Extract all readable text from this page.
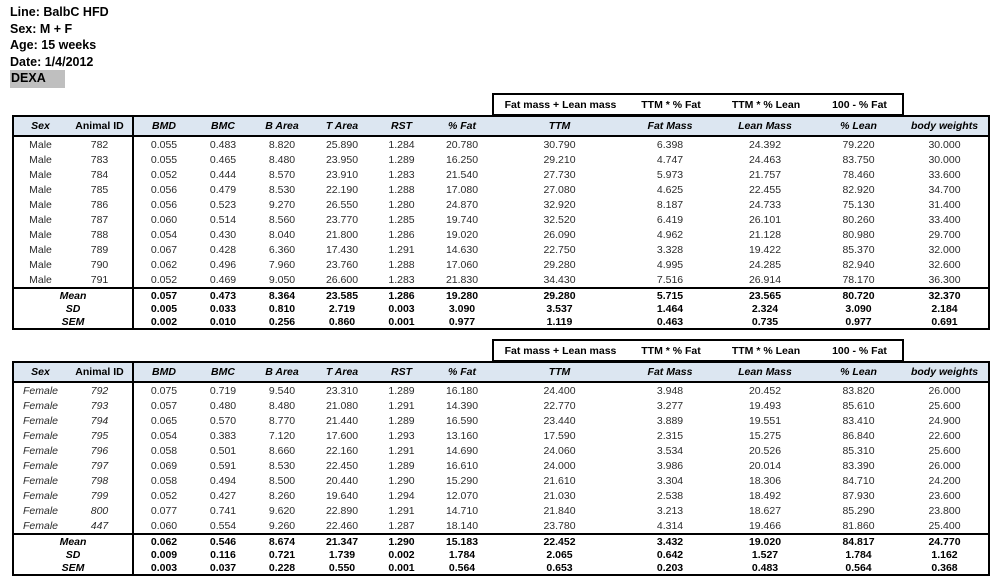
Line: BalbC HFD
Sex: M + F
Age: 15 weeks
Date: 1/4/2012
DEXA
Fat mass + Lean mass	TTM * % Fat	TTM * % Lean	100 - % Fat
Sex	Animal ID	BMD	BMC	B Area	T Area	RST	% Fat	TTM	Fat Mass	Lean Mass	% Lean	body weights
Male	782	0.055	0.483	8.820	25.890	1.284	20.780	30.790	6.398	24.392	79.220	30.000
Male	783	0.055	0.465	8.480	23.950	1.289	16.250	29.210	4.747	24.463	83.750	30.000
Male	784	0.052	0.444	8.570	23.910	1.283	21.540	27.730	5.973	21.757	78.460	33.600
Male	785	0.056	0.479	8.530	22.190	1.288	17.080	27.080	4.625	22.455	82.920	34.700
Male	786	0.056	0.523	9.270	26.550	1.280	24.870	32.920	8.187	24.733	75.130	31.400
Male	787	0.060	0.514	8.560	23.770	1.285	19.740	32.520	6.419	26.101	80.260	33.400
Male	788	0.054	0.430	8.040	21.800	1.286	19.020	26.090	4.962	21.128	80.980	29.700
Male	789	0.067	0.428	6.360	17.430	1.291	14.630	22.750	3.328	19.422	85.370	32.000
Male	790	0.062	0.496	7.960	23.760	1.288	17.060	29.280	4.995	24.285	82.940	32.600
Male	791	0.052	0.469	9.050	26.600	1.283	21.830	34.430	7.516	26.914	78.170	36.300
Mean		0.057	0.473	8.364	23.585	1.286	19.280	29.280	5.715	23.565	80.720	32.370
SD		0.005	0.033	0.810	2.719	0.003	3.090	3.537	1.464	2.324	3.090	2.184
SEM		0.002	0.010	0.256	0.860	0.001	0.977	1.119	0.463	0.735	0.977	0.691
Fat mass + Lean mass	TTM * % Fat	TTM * % Lean	100 - % Fat
Sex	Animal ID	BMD	BMC	B Area	T Area	RST	% Fat	TTM	Fat Mass	Lean Mass	% Lean	body weights
Female	792	0.075	0.719	9.540	23.310	1.289	16.180	24.400	3.948	20.452	83.820	26.000
Female	793	0.057	0.480	8.480	21.080	1.291	14.390	22.770	3.277	19.493	85.610	25.600
Female	794	0.065	0.570	8.770	21.440	1.289	16.590	23.440	3.889	19.551	83.410	24.900
Female	795	0.054	0.383	7.120	17.600	1.293	13.160	17.590	2.315	15.275	86.840	22.600
Female	796	0.058	0.501	8.660	22.160	1.291	14.690	24.060	3.534	20.526	85.310	25.600
Female	797	0.069	0.591	8.530	22.450	1.289	16.610	24.000	3.986	20.014	83.390	26.000
Female	798	0.058	0.494	8.500	20.440	1.290	15.290	21.610	3.304	18.306	84.710	24.200
Female	799	0.052	0.427	8.260	19.640	1.294	12.070	21.030	2.538	18.492	87.930	23.600
Female	800	0.077	0.741	9.620	22.890	1.291	14.710	21.840	3.213	18.627	85.290	23.800
Female	447	0.060	0.554	9.260	22.460	1.287	18.140	23.780	4.314	19.466	81.860	25.400
Mean		0.062	0.546	8.674	21.347	1.290	15.183	22.452	3.432	19.020	84.817	24.770
SD		0.009	0.116	0.721	1.739	0.002	1.784	2.065	0.642	1.527	1.784	1.162
SEM		0.003	0.037	0.228	0.550	0.001	0.564	0.653	0.203	0.483	0.564	0.368
